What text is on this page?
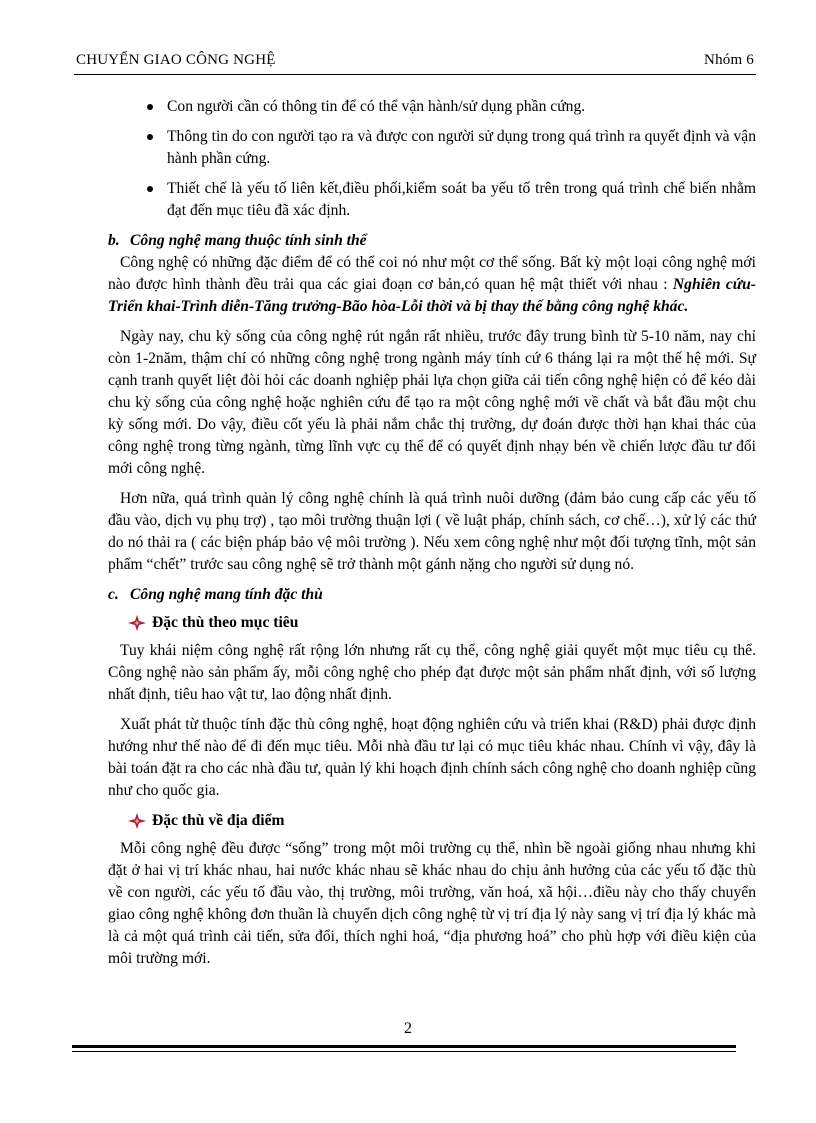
CHUYỂN GIAO CÔNG NGHỆ	Nhóm 6
Con người cần có thông tin để có thể vận hành/sử dụng phần cứng.
Thông tin do con người tạo ra và được con người sử dụng trong quá trình ra quyết định và vận hành phần cứng.
Thiết chế là yếu tố liên kết,điều phối,kiểm soát ba yếu tố trên trong quá trình chế biến nhằm đạt đến mục tiêu đã xác định.

b. Công nghệ mang thuộc tính sinh thể

Công nghệ có những đặc điểm để có thể coi nó như một cơ thể sống. Bất kỳ một loại công nghệ mới nào được hình thành đều trải qua các giai đoạn cơ bản,có quan hệ mật thiết với nhau : Nghiên cứu-Triển khai-Trình diễn-Tăng trưởng-Bão hòa-Lỗi thời và bị thay thế bằng công nghệ khác.

Ngày nay, chu kỳ sống của công nghệ rút ngắn rất nhiều, trước đây trung bình từ 5-10 năm, nay chỉ còn 1-2năm, thậm chí có những công nghệ trong ngành máy tính cứ 6 tháng lại ra một thế hệ mới. Sự cạnh tranh quyết liệt đòi hỏi các doanh nghiệp phải lựa chọn giữa cải tiến công nghệ hiện có để kéo dài chu kỳ sống của công nghệ hoặc nghiên cứu để tạo ra một công nghệ mới về chất và bắt đầu một chu kỳ sống mới. Do vậy, điều cốt yếu là phải nắm chắc thị trường, dự đoán được thời hạn khai thác của công nghệ trong từng ngành, từng lĩnh vực cụ thể để có quyết định nhạy bén về chiến lược đầu tư đổi mới công nghệ.

Hơn nữa, quá trình quản lý công nghệ chính là quá trình nuôi dưỡng (đảm bảo cung cấp các yếu tố đầu vào, dịch vụ phụ trợ) , tạo môi trường thuận lợi ( về luật pháp, chính sách, cơ chế…), xử lý các thứ do nó thải ra ( các biện pháp bảo vệ môi trường ). Nếu xem công nghệ như một đối tượng tĩnh, một sản phẩm “chết” trước sau công nghệ sẽ trở thành một gánh nặng cho người sử dụng nó.

c. Công nghệ mang tính đặc thù

Đặc thù theo mục tiêu

Tuy khái niệm công nghệ rất rộng lớn nhưng rất cụ thể, công nghệ giải quyết một mục tiêu cụ thể. Công nghệ nào sản phẩm ấy, mỗi công nghệ cho phép đạt được một sản phẩm nhất định, với số lượng nhất định, tiêu hao vật tư, lao động nhất định.

Xuất phát từ thuộc tính đặc thù công nghệ, hoạt động nghiên cứu và triển khai (R&D) phải được định hướng như thế nào để đi đến mục tiêu. Mỗi nhà đầu tư lại có mục tiêu khác nhau. Chính vì vậy, đây là bài toán đặt ra cho các nhà đầu tư, quản lý khi hoạch định chính sách công nghệ cho doanh nghiệp cũng như cho quốc gia.

Đặc thù về địa điểm

Mỗi công nghệ đều được “sống” trong một môi trường cụ thể, nhìn bề ngoài giống nhau nhưng khi đặt ở hai vị trí khác nhau, hai nước khác nhau sẽ khác nhau do chịu ảnh hưởng của các yếu tố đặc thù về con người, các yếu tố đầu vào, thị trường, môi trường, văn hoá, xã hội…điều này cho thấy chuyển giao công nghệ không đơn thuần là chuyển dịch công nghệ từ vị trí địa lý này sang vị trí địa lý khác mà là cả một quá trình cải tiến, sửa đổi, thích nghi hoá, “địa phương hoá” cho phù hợp với điều kiện của môi trường mới.

2
